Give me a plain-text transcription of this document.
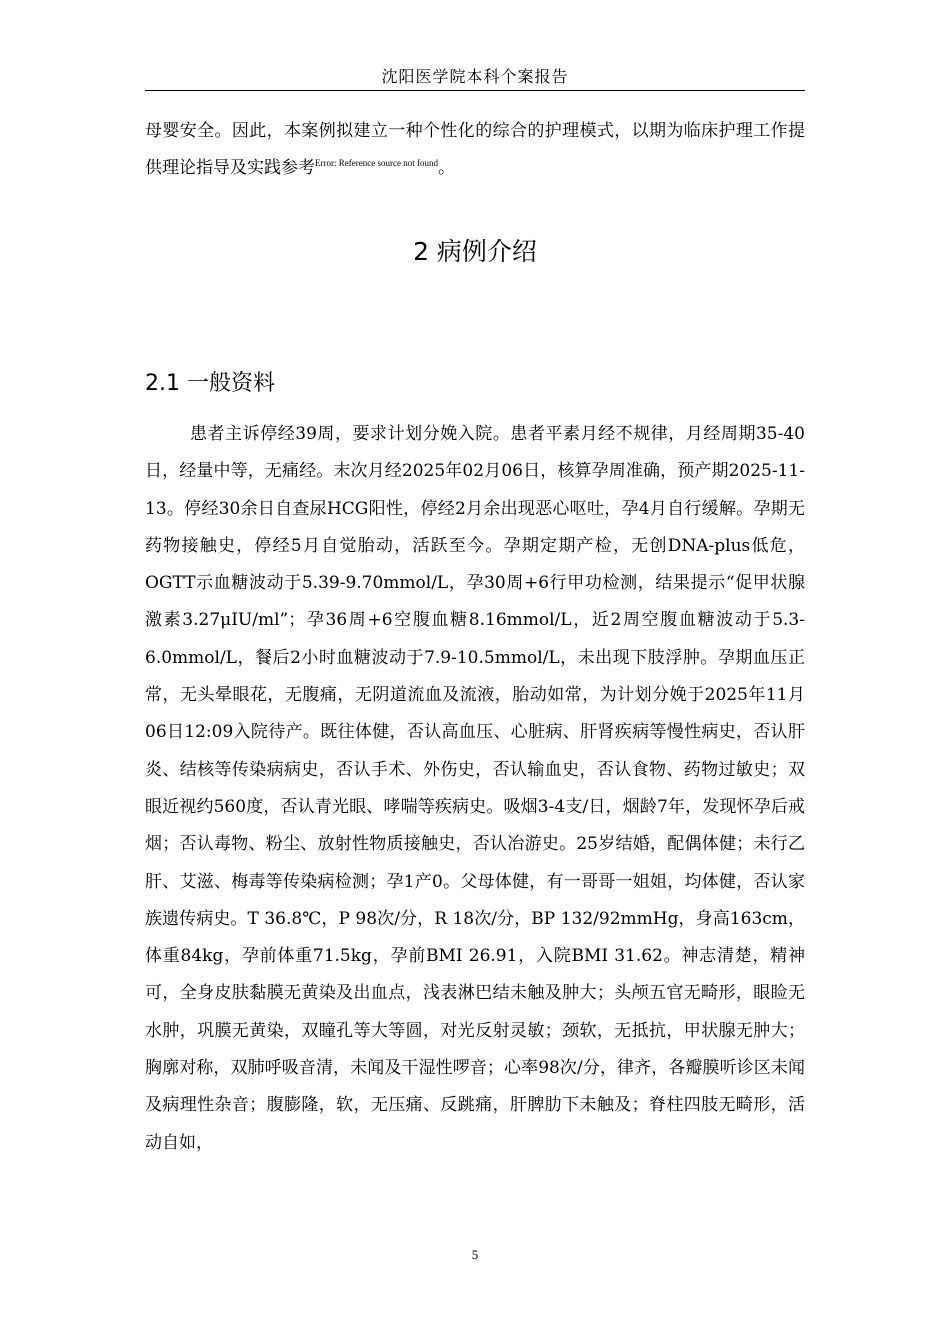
沈阳医学院本科个案报告

母婴安全。因此，本案例拟建立一种个性化的综合的护理模式，以期为临床护理工作提供理论指导及实践参考$^{Error: Reference source not found}$。

2 病例介绍
2.1 一般资料

患者主诉停经39周，要求计划分娩入院。患者平素月经不规律，月经周期35-40日，经量中等，无痛经。末次月经2025年02月06日，核算孕周准确，预产期2025-11-13。停经30余日自查尿HCG阳性，停经2月余出现恶心呕吐，孕4月自行缓解。孕期无药物接触史，停经5月自觉胎动，活跃至今。孕期定期产检，无创DNA-plus低危，OGTT示血糖波动于5.39-9.70mmol/L，孕30周+6行甲功检测，结果提示“促甲状腺激素3.27μIU/ml”；孕36周+6空腹血糖8.16mmol/L，近2周空腹血糖波动于5.3-6.0mmol/L，餐后2小时血糖波动于7.9-10.5mmol/L，未出现下肢浮肿。孕期血压正常，无头晕眼花，无腹痛，无阴道流血及流液，胎动如常，为计划分娩于2025年11月06日12:09入院待产。既往体健，否认高血压、心脏病、肝肾疾病等慢性病史，否认肝炎、结核等传染病病史，否认手术、外伤史，否认输血史，否认食物、药物过敏史；双眼近视约560度，否认青光眼、哮喘等疾病史。吸烟3-4支/日，烟龄7年，发现怀孕后戒烟；否认毒物、粉尘、放射性物质接触史，否认冶游史。25岁结婚，配偶体健；未行乙肝、艾滋、梅毒等传染病检测；孕1产0。父母体健，有一哥哥一姐姐，均体健，否认家族遗传病史。T 36.8℃，P 98次/分，R 18次/分，BP 132/92mmHg，身高163cm，体重84kg，孕前体重71.5kg，孕前BMI 26.91，入院BMI 31.62。神志清楚，精神可，全身皮肤黏膜无黄染及出血点，浅表淋巴结未触及肿大；头颅五官无畸形，眼睑无水肿，巩膜无黄染，双瞳孔等大等圆，对光反射灵敏；颈软，无抵抗，甲状腺无肿大；胸廓对称，双肺呼吸音清，未闻及干湿性啰音；心率98次/分，律齐，各瓣膜听诊区未闻及病理性杂音；腹膨隆，软，无压痛、反跳痛，肝脾肋下未触及；脊柱四肢无畸形，活动自如，

5
